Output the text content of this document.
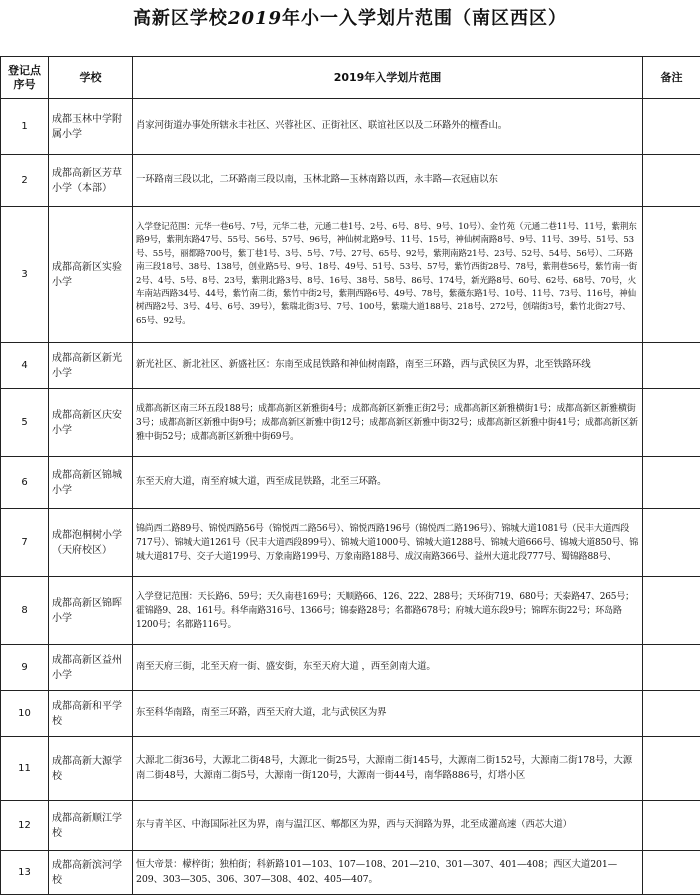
高新区学校2019年小一入学划片范围（南区西区）
登记点
序号	学校	2019年入学划片范围	备注
1	成都玉林中学附属小学	肖家河街道办事处所辖永丰社区、兴蓉社区、正街社区、联谊社区以及二环路外的檀香山。	
2	成都高新区芳草小学（本部）	一环路南三段以北，二环路南三段以南，玉林北路—玉林南路以西，永丰路—衣冠庙以东	
3	成都高新区实验小学	入学登记范围：元华一巷6号、7号，元华二巷，元通二巷1号、2号、6号、8号、9号、10号）、金竹苑（元通二巷11号、11号，紫荆东路9号，紫荆东路47号、55号、56号、57号、96号，神仙树北路9号、11号、15号，神仙树南路8号、9号、11号、39号、51号、53号、55号，丽都路700号，紫丁巷1号、3号、5号、7号、27号、65号、92号，紫荆南路21号、23号、52号、54号、56号）、二环路南三段18号、38号、138号，创业路5号、9号、18号、49号、51号、53号、57号，紫竹西街28号、78号，紫荆巷56号，紫竹南一街2号、4号、5号、8号、23号，紫荆北路3号、8号、16号、38号、58号、86号、174号，新光路8号、60号、62号、68号、70号，火车南站西路34号、44号，紫竹南二街，紫竹中街2号，紫荆西路6号、49号、78号，紫薇东路1号、10号、11号、73号、116号，神仙树西路2号、3号、4号、6号、39号），紫瑞北街3号、7号、100号，紫瑞大道188号、218号、272号，创瑞街3号，紫竹北街27号、65号、92号。	
4	成都高新区新光小学	新光社区、新北社区、新盛社区：东南至成昆铁路和神仙树南路，南至三环路，西与武侯区为界，北至铁路环线	
5	成都高新区庆安小学	成都高新区南三环五段188号；成都高新区新雅街4号；成都高新区新雅正街2号；成都高新区新雅横街1号；成都高新区新雅横街3号；成都高新区新雅中街9号；成都高新区新雅中街12号；成都高新区新雅中街32号；成都高新区新雅中街41号；成都高新区新雅中街52号；成都高新区新雅中街69号。	
6	成都高新区锦城小学	东至天府大道，南至府城大道，西至成昆铁路，北至三环路。	
7	成都泡桐树小学（天府校区）	锦尚西二路89号、锦悦西路56号（锦悦西二路56号）、锦悦西路196号（锦悦西二路196号）、锦城大道1081号（民丰大道西段717号）、锦城大道1261号（民丰大道西段899号）、锦城大道1000号、锦城大道1288号、锦城大道666号、锦城大道850号、锦城大道817号、交子大道199号、万象南路199号、万象南路188号、成汉南路366号、益州大道北段777号、蜀锦路88号、	
8	成都高新区锦晖小学	入学登记范围：天长路6、59号；天久南巷169号；天顺路66、126、222、288号；天环街719、680号；天泰路47、265号；霍锦路9、28、161号。科华南路316号、1366号；锦泰路28号；名都路678号；府城大道东段9号；锦晖东街22号；环岛路1200号；名都路116号。	
9	成都高新区益州小学	南至天府三街，北至天府一街、盛安街，东至天府大道 ，西至剑南大道。	
10	成都高新和平学校	东至科华南路，南至三环路，西至天府大道，北与武侯区为界	
11	成都高新大源学校	大源北二街36号，大源北二街48号，大源北一街25号，大源南二街145号，大源南二街152号，大源南二街178号，大源南二街48号，大源南二街5号，大源南一街120号，大源南一街44号，南华路886号，灯塔小区	
12	成都高新顺江学校	东与青羊区、中海国际社区为界，南与温江区、郫都区为界，西与天润路为界，北至成灌高速（西芯大道）	
13	成都高新滨河学校	恒大帝景：檬梓街；独柏街；科新路101—103、107—108、201—210、301—307、401—408；西区大道201—209、303—305、306、307—308、402、405—407。	
